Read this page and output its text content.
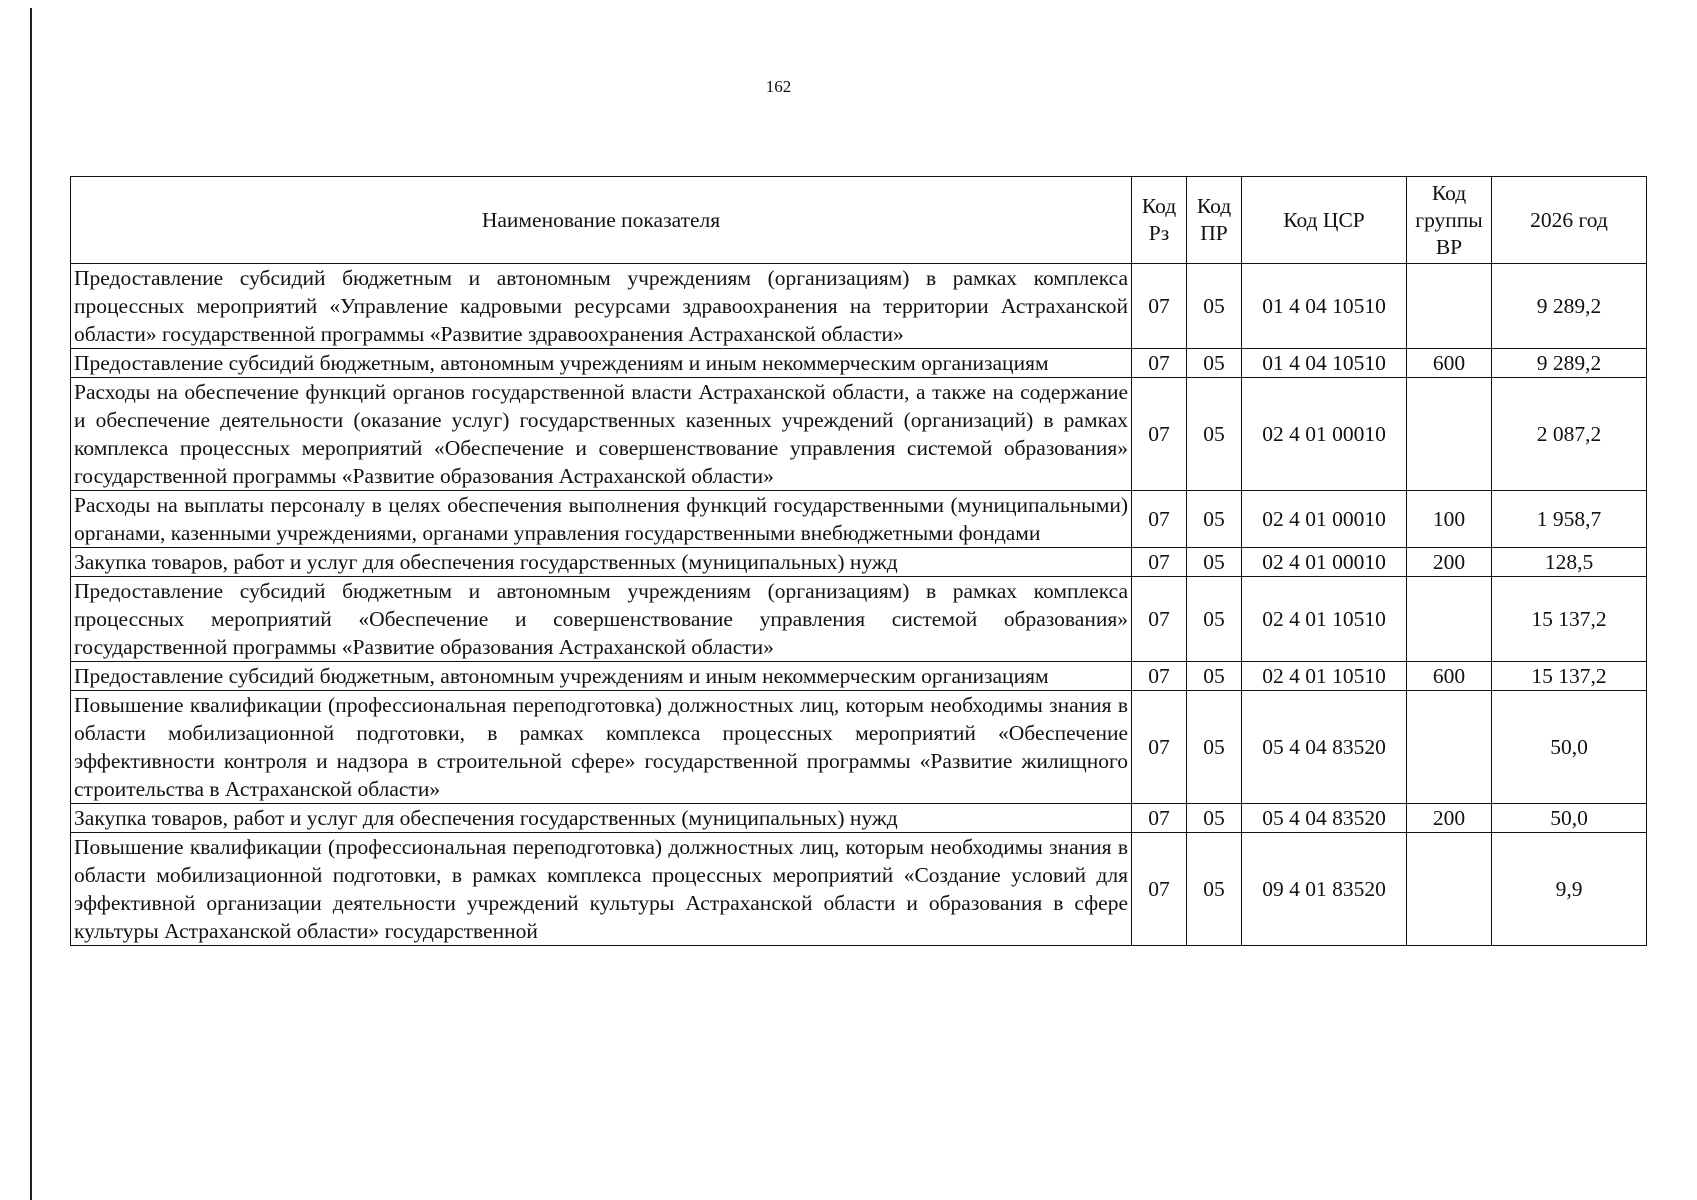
162
Наименование показателя	Код Рз	Код ПР	Код ЦСР	Код группы ВР	2026 год
Предоставление субсидий бюджетным и автономным учреждениям (организациям) в рамках комплекса процессных мероприятий «Управление кадровыми ресурсами здравоохранения на территории Астраханской области» государственной программы «Развитие здравоохранения Астраханской области»	07	05	01 4 04 10510		9 289,2
Предоставление субсидий бюджетным, автономным учреждениям и иным некоммерческим организациям	07	05	01 4 04 10510	600	9 289,2
Расходы на обеспечение функций органов государственной власти Астраханской области, а также на содержание и обеспечение деятельности (оказание услуг) государственных казенных учреждений (организаций) в рамках комплекса процессных мероприятий «Обеспечение и совершенствование управления системой образования» государственной программы «Развитие образования Астраханской области»	07	05	02 4 01 00010		2 087,2
Расходы на выплаты персоналу в целях обеспечения выполнения функций государственными (муниципальными) органами, казенными учреждениями, органами управления государственными внебюджетными фондами	07	05	02 4 01 00010	100	1 958,7
Закупка товаров, работ и услуг для обеспечения государственных (муниципальных) нужд	07	05	02 4 01 00010	200	128,5
Предоставление субсидий бюджетным и автономным учреждениям (организациям) в рамках комплекса процессных мероприятий «Обеспечение и совершенствование управления системой образования» государственной программы «Развитие образования Астраханской области»	07	05	02 4 01 10510		15 137,2
Предоставление субсидий бюджетным, автономным учреждениям и иным некоммерческим организациям	07	05	02 4 01 10510	600	15 137,2
Повышение квалификации (профессиональная переподготовка) должностных лиц, которым необходимы знания в области мобилизационной подготовки, в рамках комплекса процессных мероприятий «Обеспечение эффективности контроля и надзора в строительной сфере» государственной программы «Развитие жилищного строительства в Астраханской области»	07	05	05 4 04 83520		50,0
Закупка товаров, работ и услуг для обеспечения государственных (муниципальных) нужд	07	05	05 4 04 83520	200	50,0
Повышение квалификации (профессиональная переподготовка) должностных лиц, которым необходимы знания в области мобилизационной подготовки, в рамках комплекса процессных мероприятий «Создание условий для эффективной организации деятельности учреждений культуры Астраханской области и образования в сфере культуры Астраханской области» государственной	07	05	09 4 01 83520		9,9
